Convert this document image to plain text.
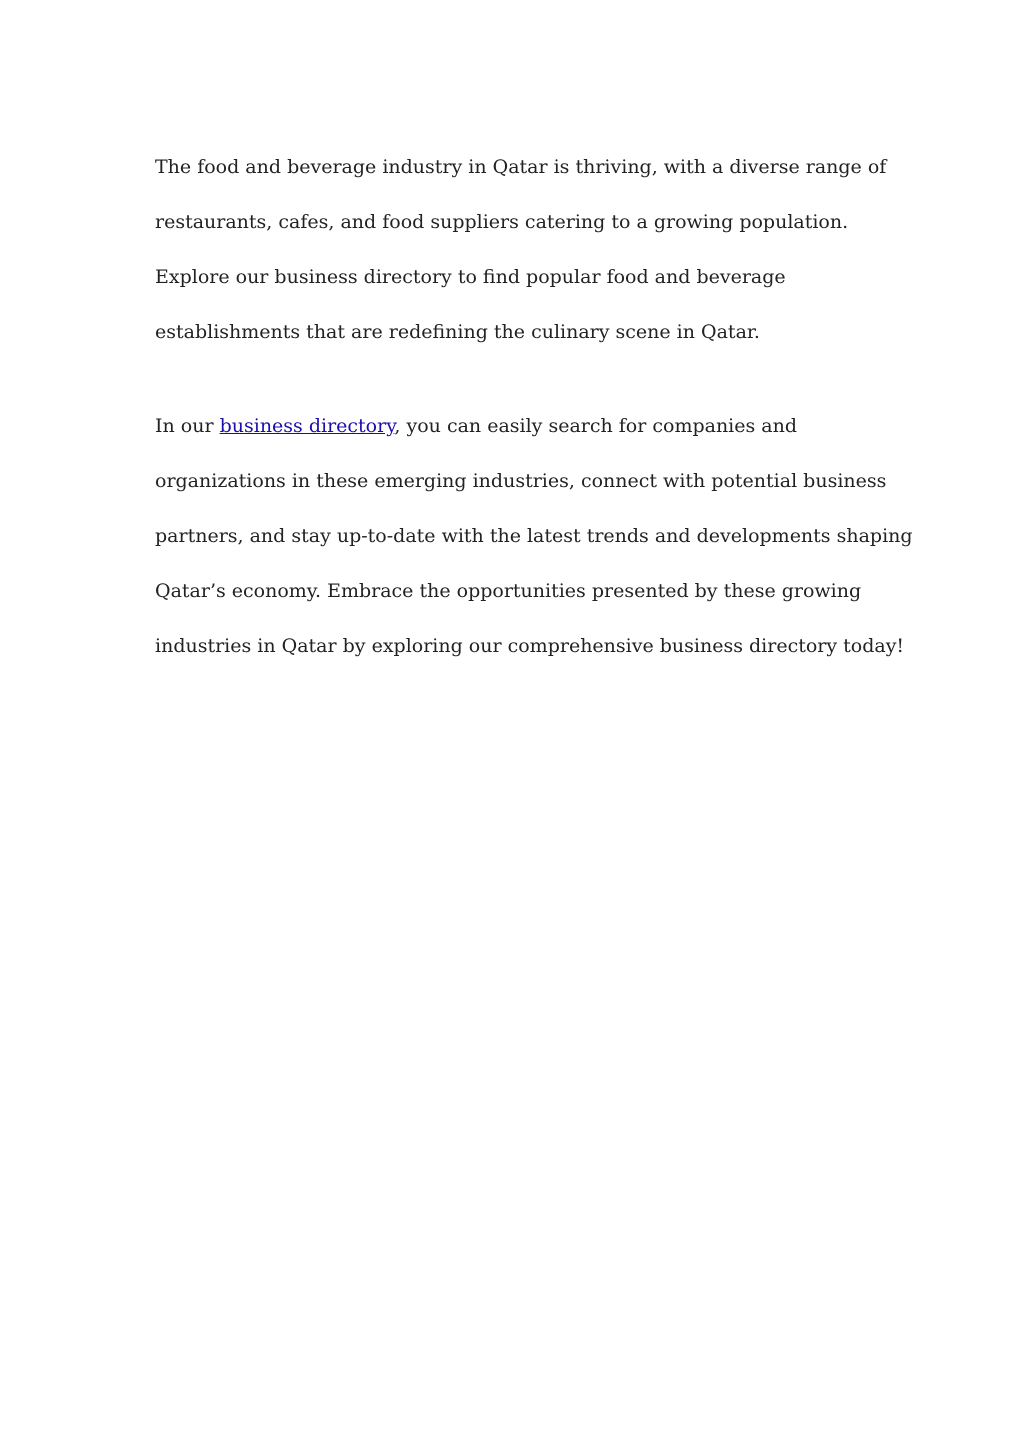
The food and beverage industry in Qatar is thriving, with a diverse range of
restaurants, cafes, and food suppliers catering to a growing population.
Explore our business directory to find popular food and beverage
establishments that are redefining the culinary scene in Qatar.
In our business directory, you can easily search for companies and
organizations in these emerging industries, connect with potential business
partners, and stay up-to-date with the latest trends and developments shaping
Qatar’s economy. Embrace the opportunities presented by these growing
industries in Qatar by exploring our comprehensive business directory today!
